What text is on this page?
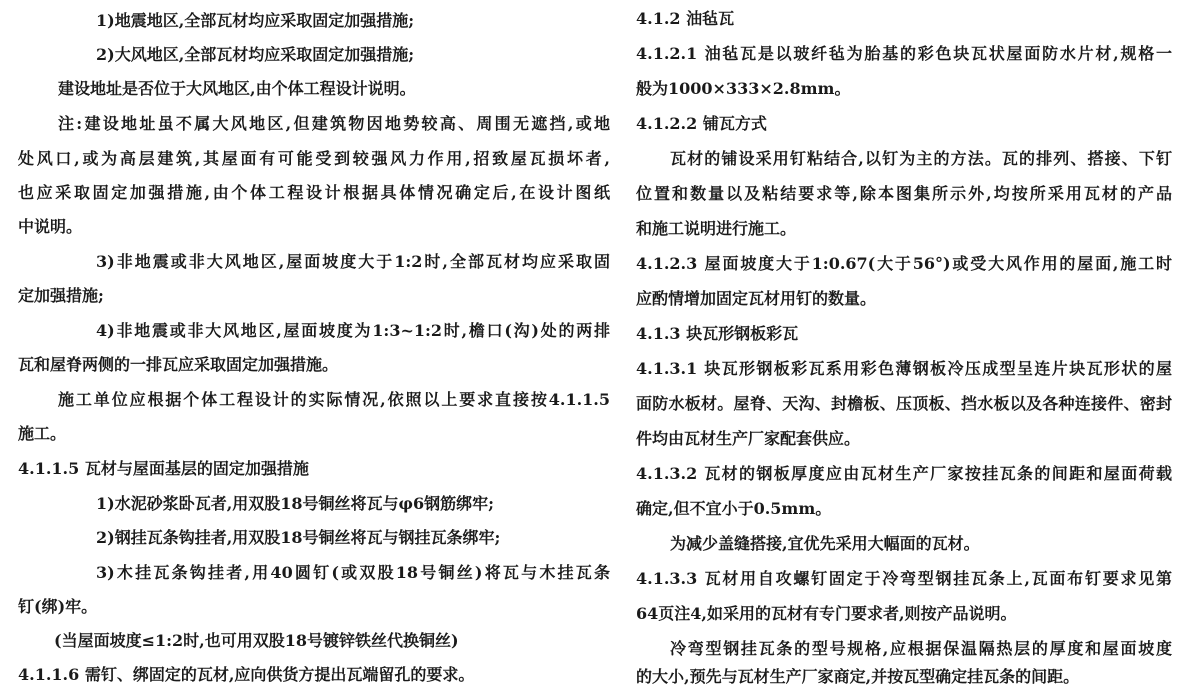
1)地震地区,全部瓦材均应采取固定加强措施;
2)大风地区,全部瓦材均应采取固定加强措施;
建设地址是否位于大风地区,由个体工程设计说明。
注:建设地址虽不属大风地区,但建筑物因地势较高、周围无遮挡,或地
处风口,或为高层建筑,其屋面有可能受到较强风力作用,招致屋瓦损坏者,
也应采取固定加强措施,由个体工程设计根据具体情况确定后,在设计图纸
中说明。
3)非地震或非大风地区,屋面坡度大于1:2时,全部瓦材均应采取固
定加强措施;
4)非地震或非大风地区,屋面坡度为1:3~1:2时,檐口(沟)处的两排
瓦和屋脊两侧的一排瓦应采取固定加强措施。
施工单位应根据个体工程设计的实际情况,依照以上要求直接按4.1.1.5
施工。
4.1.1.5 瓦材与屋面基层的固定加强措施
1)水泥砂浆卧瓦者,用双股18号铜丝将瓦与φ6钢筋绑牢;
2)钢挂瓦条钩挂者,用双股18号铜丝将瓦与钢挂瓦条绑牢;
3)木挂瓦条钩挂者,用40圆钉(或双股18号铜丝)将瓦与木挂瓦条
钉(绑)牢。
(当屋面坡度≤1:2时,也可用双股18号镀锌铁丝代换铜丝)
4.1.1.6 需钉、绑固定的瓦材,应向供货方提出瓦端留孔的要求。
4.1.2 油毡瓦
4.1.2.1 油毡瓦是以玻纤毡为胎基的彩色块瓦状屋面防水片材,规格一
般为1000×333×2.8mm。
4.1.2.2 铺瓦方式
瓦材的铺设采用钉粘结合,以钉为主的方法。瓦的排列、搭接、下钉
位置和数量以及粘结要求等,除本图集所示外,均按所采用瓦材的产品
和施工说明进行施工。
4.1.2.3 屋面坡度大于1:0.67(大于56°)或受大风作用的屋面,施工时
应酌情增加固定瓦材用钉的数量。
4.1.3 块瓦形钢板彩瓦
4.1.3.1 块瓦形钢板彩瓦系用彩色薄钢板冷压成型呈连片块瓦形状的屋
面防水板材。屋脊、天沟、封檐板、压顶板、挡水板以及各种连接件、密封
件均由瓦材生产厂家配套供应。
4.1.3.2 瓦材的钢板厚度应由瓦材生产厂家按挂瓦条的间距和屋面荷载
确定,但不宜小于0.5mm。
为减少盖缝搭接,宜优先采用大幅面的瓦材。
4.1.3.3 瓦材用自攻螺钉固定于冷弯型钢挂瓦条上,瓦面布钉要求见第
64页注4,如采用的瓦材有专门要求者,则按产品说明。
冷弯型钢挂瓦条的型号规格,应根据保温隔热层的厚度和屋面坡度
的大小,预先与瓦材生产厂家商定,并按瓦型确定挂瓦条的间距。
